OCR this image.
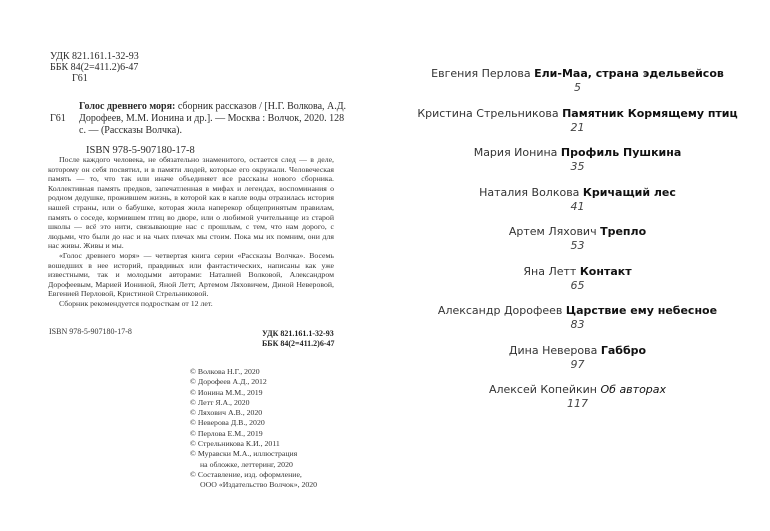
УДК 821.161.1-32-93
ББК 84(2=411.2)6-47
Г61
Г61
Голос древнего моря: сборник рассказов / [Н.Г. Волкова, А.Д. Дорофеев, М.М. Ионина и др.]. — Москва : Волчок, 2020. 128 с. — (Рассказы Волчка).
ISBN 978-5-907180-17-8

После каждого человека, не обязательно знаменитого, остается след — в деле, которому он себя посвятил, и в памяти людей, которые его окружали. Человеческая память — то, что так или иначе объединяет все рассказы нового сборника. Коллективная память предков, запечатленная в мифах и легендах, воспоминания о родном дедушке, прожившем жизнь, в которой как в капле воды отразилась история нашей страны, или о бабушке, которая жила наперекор общепринятым правилам, память о соседе, кормившем птиц во дворе, или о любимой учительнице из старой школы — всё это нити, связывающие нас с прошлым, с тем, что нам дорого, с людьми, что были до нас и на чьих плечах мы стоим. Пока мы их помним, они для нас живы. Живы и мы.

«Голос древнего моря» — четвертая книга серии «Рассказы Волчка». Восемь вошедших в нее историй, правдивых или фантастических, написаны как уже известными, так и молодыми авторами: Наталией Волковой, Александром Дорофеевым, Марией Иониной, Яной Летт, Артемом Ляховичем, Диной Неверовой, Евгенией Перловой, Кристиной Стрельниковой.

Сборник рекомендуется подросткам от 12 лет.

ISBN 978-5-907180-17-8	УДК 821.161.1-32-93
ББК 84(2=411.2)6-47
© Волкова Н.Г., 2020
© Дорофеев А.Д., 2012
© Ионина М.М., 2019
© Летт Я.А., 2020
© Ляхович А.В., 2020
© Неверова Д.В., 2020
© Перлова Е.М., 2019
© Стрельникова К.И., 2011
© Муравски М.А., иллюстрация
на обложке, леттеринг, 2020
© Составление, изд. оформление,
ООО «Издательство Волчок», 2020
Евгения Перлова Ели-Маа, страна эдельвейсов
5
Кристина Стрельникова Памятник Кормящему птиц
21
Мария Ионина Профиль Пушкина
35
Наталия Волкова Кричащий лес
41
Артем Ляхович Трепло
53
Яна Летт Контакт
65
Александр Дорофеев Царствие ему небесное
83
Дина Неверова Габбро
97
Алексей Копейкин Об авторах
117
